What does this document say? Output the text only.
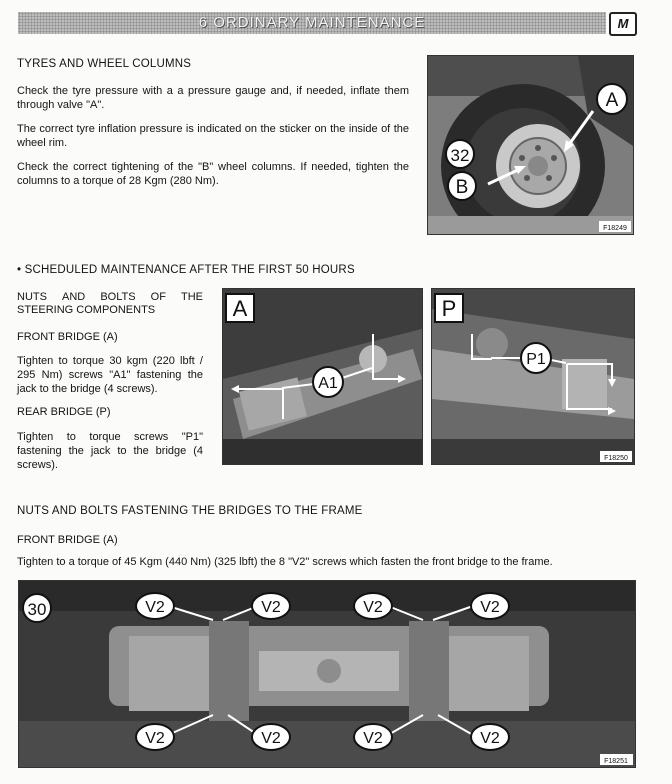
6 ORDINARY MAINTENANCE	M
TYRES AND WHEEL COLUMNS
Check the tyre pressure with a a pressure gauge and, if needed, inflate them through valve "A".
The correct tyre inflation pressure is indicated on the sticker on the inside of the wheel rim.
Check the correct tightening of the "B" wheel columns. If needed, tighten the columns to a torque of 28 Kgm (280 Nm).
A
32
B
F18249
• SCHEDULED MAINTENANCE AFTER THE FIRST 50 HOURS
NUTS AND BOLTS OF THE
STEERING COMPONENTS
FRONT BRIDGE (A)
Tighten to torque 30 kgm (220 lbft / 295 Nm) screws "A1" fastening the jack to the bridge (4 screws).
REAR BRIDGE (P)
Tighten to torque screws "P1" fastening the jack to the bridge (4 screws).
A
A1
P
P1
F18250
NUTS AND BOLTS FASTENING THE BRIDGES TO THE FRAME
FRONT BRIDGE (A)
Tighten to a torque of 45 Kgm (440 Nm) (325 lbft) the 8 "V2" screws which fasten the front bridge to the frame.
30	V2	V2	V2	V2
V2	V2	V2	V2
F18251
